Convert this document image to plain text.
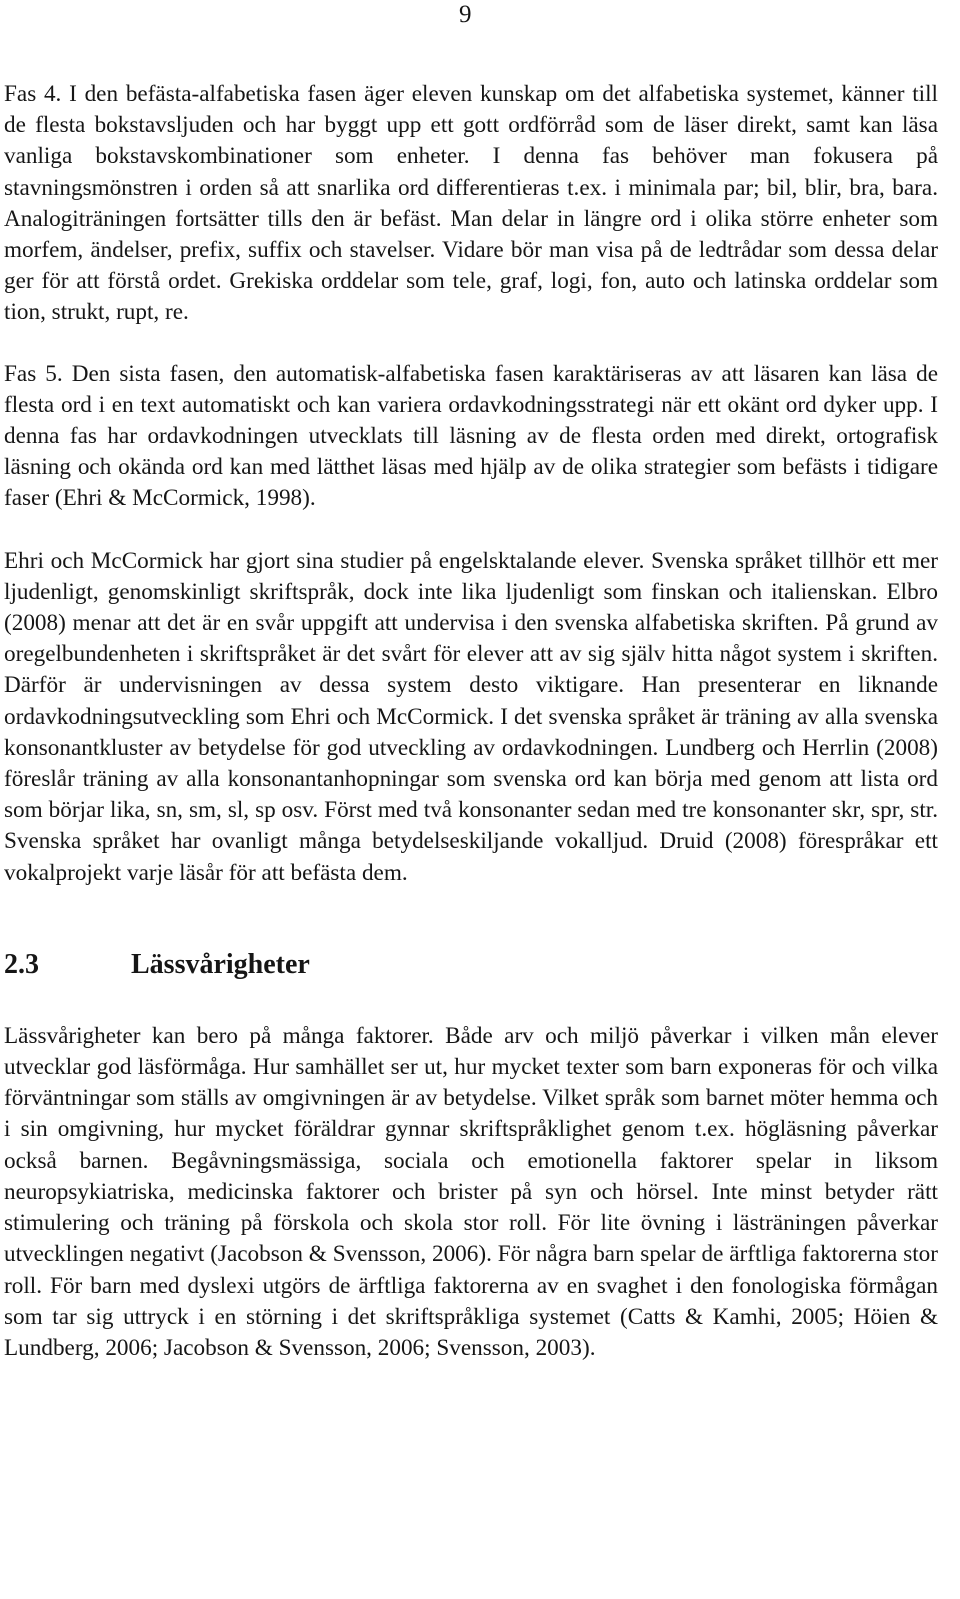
9

Fas 4. I den befästa-alfabetiska fasen äger eleven kunskap om det alfabetiska systemet, känner till de flesta bokstavsljuden och har byggt upp ett gott ordförråd som de läser direkt, samt kan läsa vanliga bokstavskombinationer som enheter. I denna fas behöver man fokusera på stavningsmönstren i orden så att snarlika ord differentieras t.ex. i minimala par; bil, blir, bra, bara. Analogiträningen fortsätter tills den är befäst. Man delar in längre ord i olika större enheter som morfem, ändelser, prefix, suffix och stavelser. Vidare bör man visa på de ledtrådar som dessa delar ger för att förstå ordet. Grekiska orddelar som tele, graf, logi, fon, auto och latinska orddelar som tion, strukt, rupt, re.

Fas 5. Den sista fasen, den automatisk-alfabetiska fasen karaktäriseras av att läsaren kan läsa de flesta ord i en text automatiskt och kan variera ordavkodningsstrategi när ett okänt ord dyker upp. I denna fas har ordavkodningen utvecklats till läsning av de flesta orden med direkt, ortografisk läsning och okända ord kan med lätthet läsas med hjälp av de olika strategier som befästs i tidigare faser (Ehri & McCormick, 1998).

Ehri och McCormick har gjort sina studier på engelsktalande elever. Svenska språket tillhör ett mer ljudenligt, genomskinligt skriftspråk, dock inte lika ljudenligt som finskan och italienskan. Elbro (2008) menar att det är en svår uppgift att undervisa i den svenska alfabetiska skriften. På grund av oregelbundenheten i skriftspråket är det svårt för elever att av sig själv hitta något system i skriften. Därför är undervisningen av dessa system desto viktigare. Han presenterar en liknande ordavkodningsutveckling som Ehri och McCormick. I det svenska språket är träning av alla svenska konsonantkluster av betydelse för god utveckling av ordavkodningen. Lundberg och Herrlin (2008) föreslår träning av alla konsonantanhopningar som svenska ord kan börja med genom att lista ord som börjar lika, sn, sm, sl, sp osv. Först med två konsonanter sedan med tre konsonanter skr, spr, str. Svenska språket har ovanligt många betydelseskiljande vokalljud. Druid (2008) förespråkar ett vokalprojekt varje läsår för att befästa dem.

2.3	Lässvårigheter

Lässvårigheter kan bero på många faktorer. Både arv och miljö påverkar i vilken mån elever utvecklar god läsförmåga. Hur samhället ser ut, hur mycket texter som barn exponeras för och vilka förväntningar som ställs av omgivningen är av betydelse. Vilket språk som barnet möter hemma och i sin omgivning, hur mycket föräldrar gynnar skriftspråklighet genom t.ex. högläsning påverkar också barnen. Begåvningsmässiga, sociala och emotionella faktorer spelar in liksom neuropsykiatriska, medicinska faktorer och brister på syn och hörsel. Inte minst betyder rätt stimulering och träning på förskola och skola stor roll. För lite övning i lästräningen påverkar utvecklingen negativt (Jacobson & Svensson, 2006). För några barn spelar de ärftliga faktorerna stor roll. För barn med dyslexi utgörs de ärftliga faktorerna av en svaghet i den fonologiska förmågan som tar sig uttryck i en störning i det skriftspråkliga systemet (Catts & Kamhi, 2005; Höien & Lundberg, 2006; Jacobson & Svensson, 2006; Svensson, 2003).
